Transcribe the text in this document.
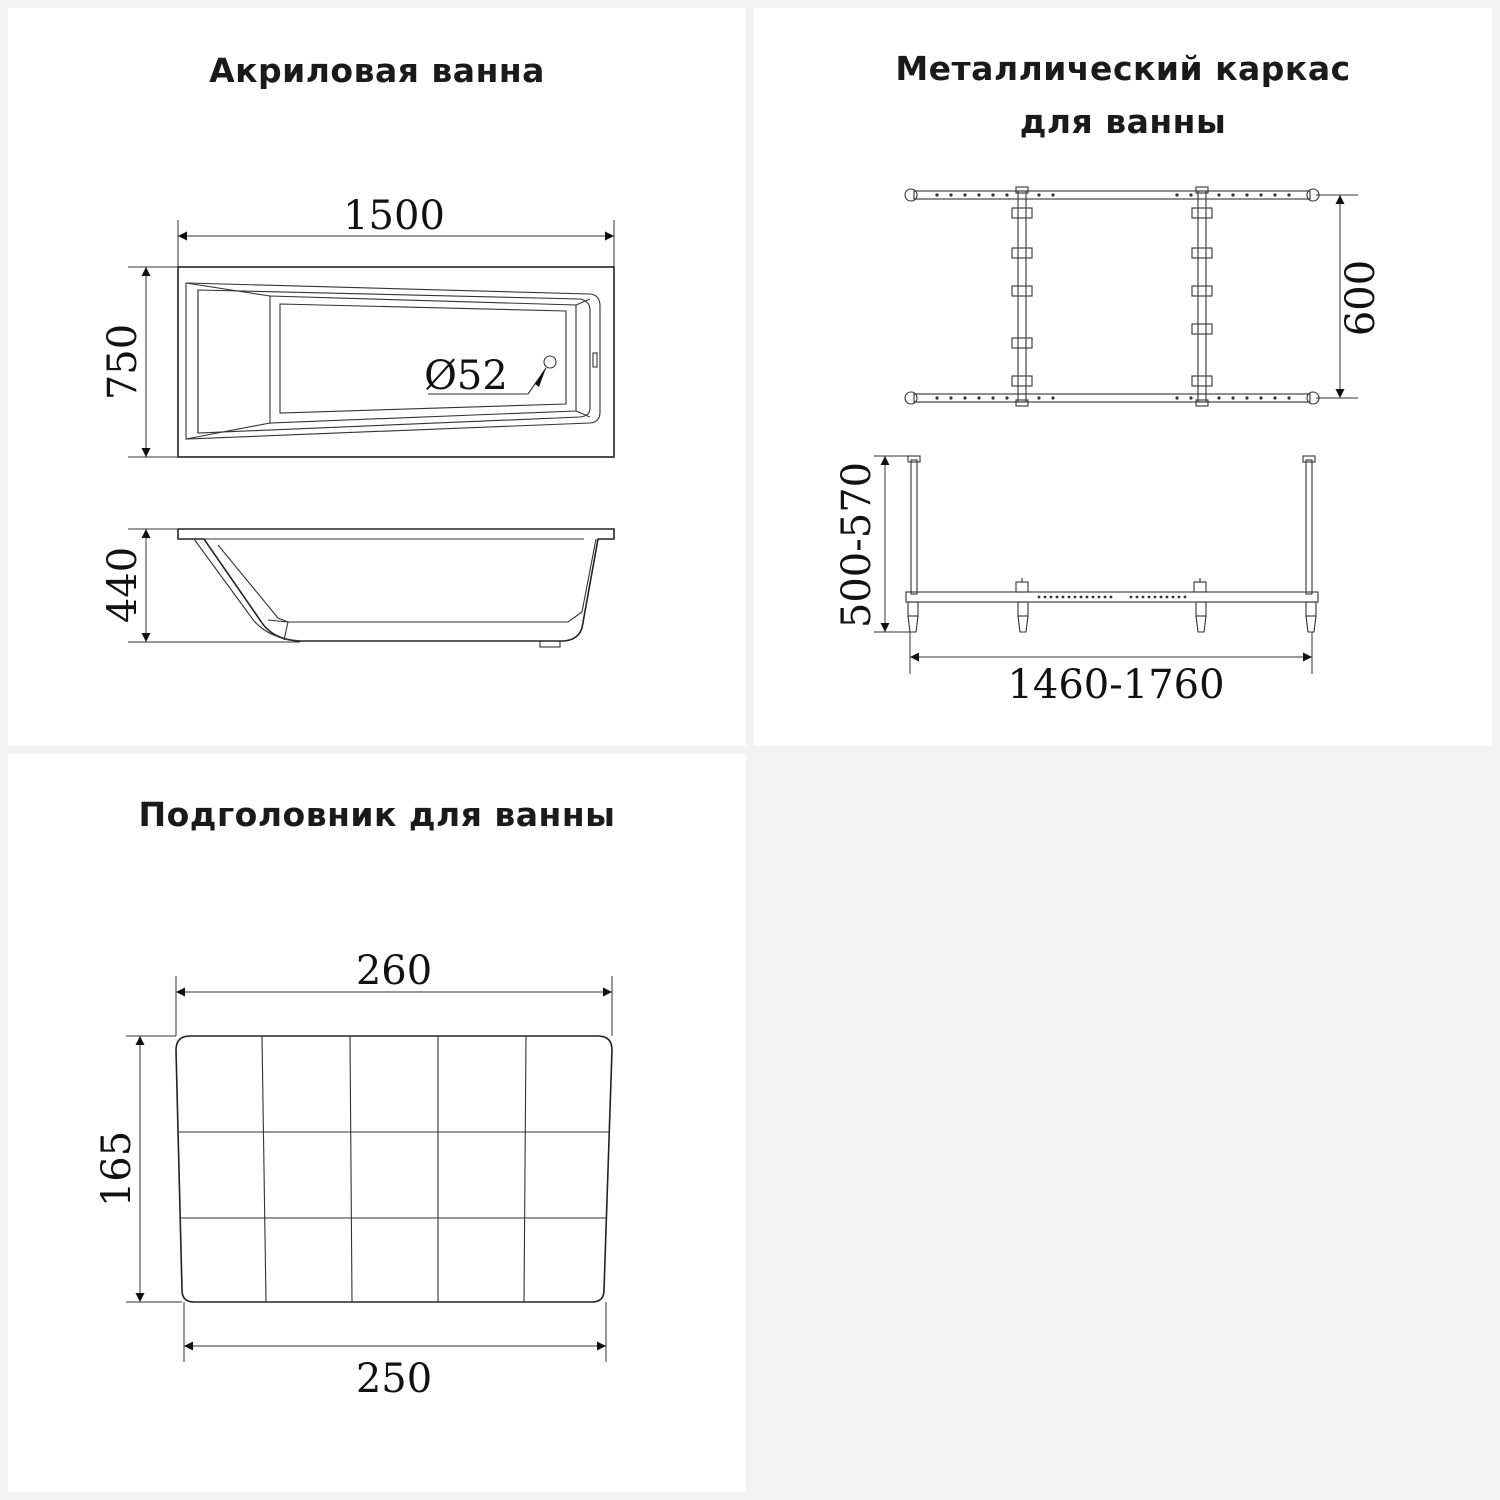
Акриловая ванна
Ø52
1500
750
440
Металлический каркас
для ванны
600
500-570
1460-1760
Подголовник для ванны
260
165
250
